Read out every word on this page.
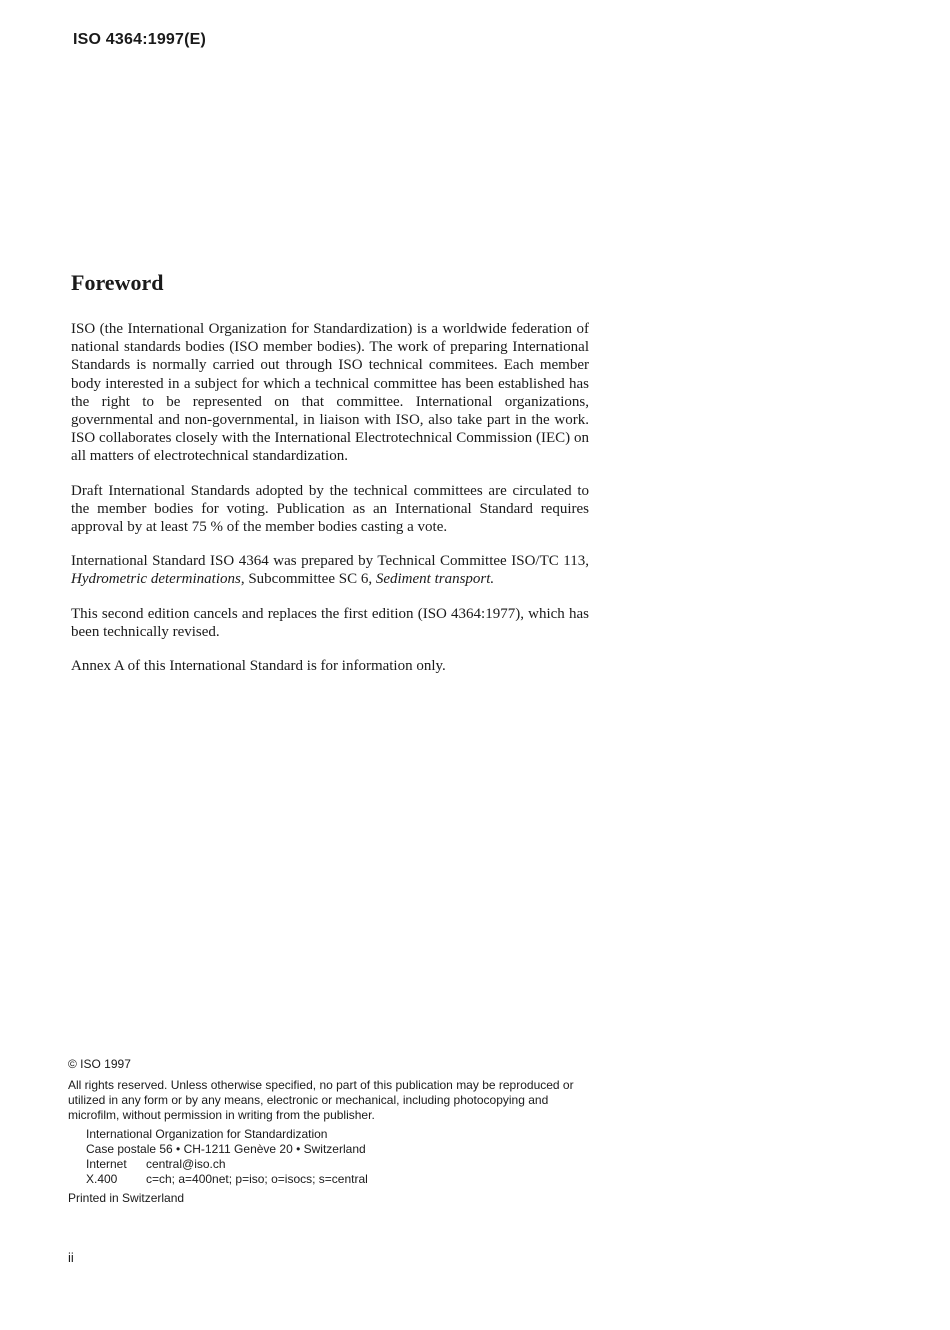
ISO 4364:1997(E)
Foreword

ISO (the International Organization for Standardization) is a worldwide federation of national standards bodies (ISO member bodies). The work of preparing International Standards is normally carried out through ISO technical commitees. Each member body interested in a subject for which a technical committee has been established has the right to be represented on that committee. International organizations, governmental and non-governmental, in liaison with ISO, also take part in the work. ISO collaborates closely with the International Electrotechnical Commission (IEC) on all matters of electrotechnical standardization.

Draft International Standards adopted by the technical committees are circulated to the member bodies for voting. Publication as an International Standard requires approval by at least 75 % of the member bodies casting a vote.

International Standard ISO 4364 was prepared by Technical Committee ISO/TC 113, Hydrometric determinations, Subcommittee SC 6, Sediment transport.

This second edition cancels and replaces the first edition (ISO 4364:1977), which has been technically revised.

Annex A of this International Standard is for information only.

© ISO 1997
All rights reserved. Unless otherwise specified, no part of this publication may be reproduced or utilized in any form or by any means, electronic or mechanical, including photocopying and microfilm, without permission in writing from the publisher.
International Organization for Standardization
Case postale 56 • CH-1211 Genève 20 • Switzerland
Internet central@iso.ch
X.400 c=ch; a=400net; p=iso; o=isocs; s=central
Printed in Switzerland
ii
